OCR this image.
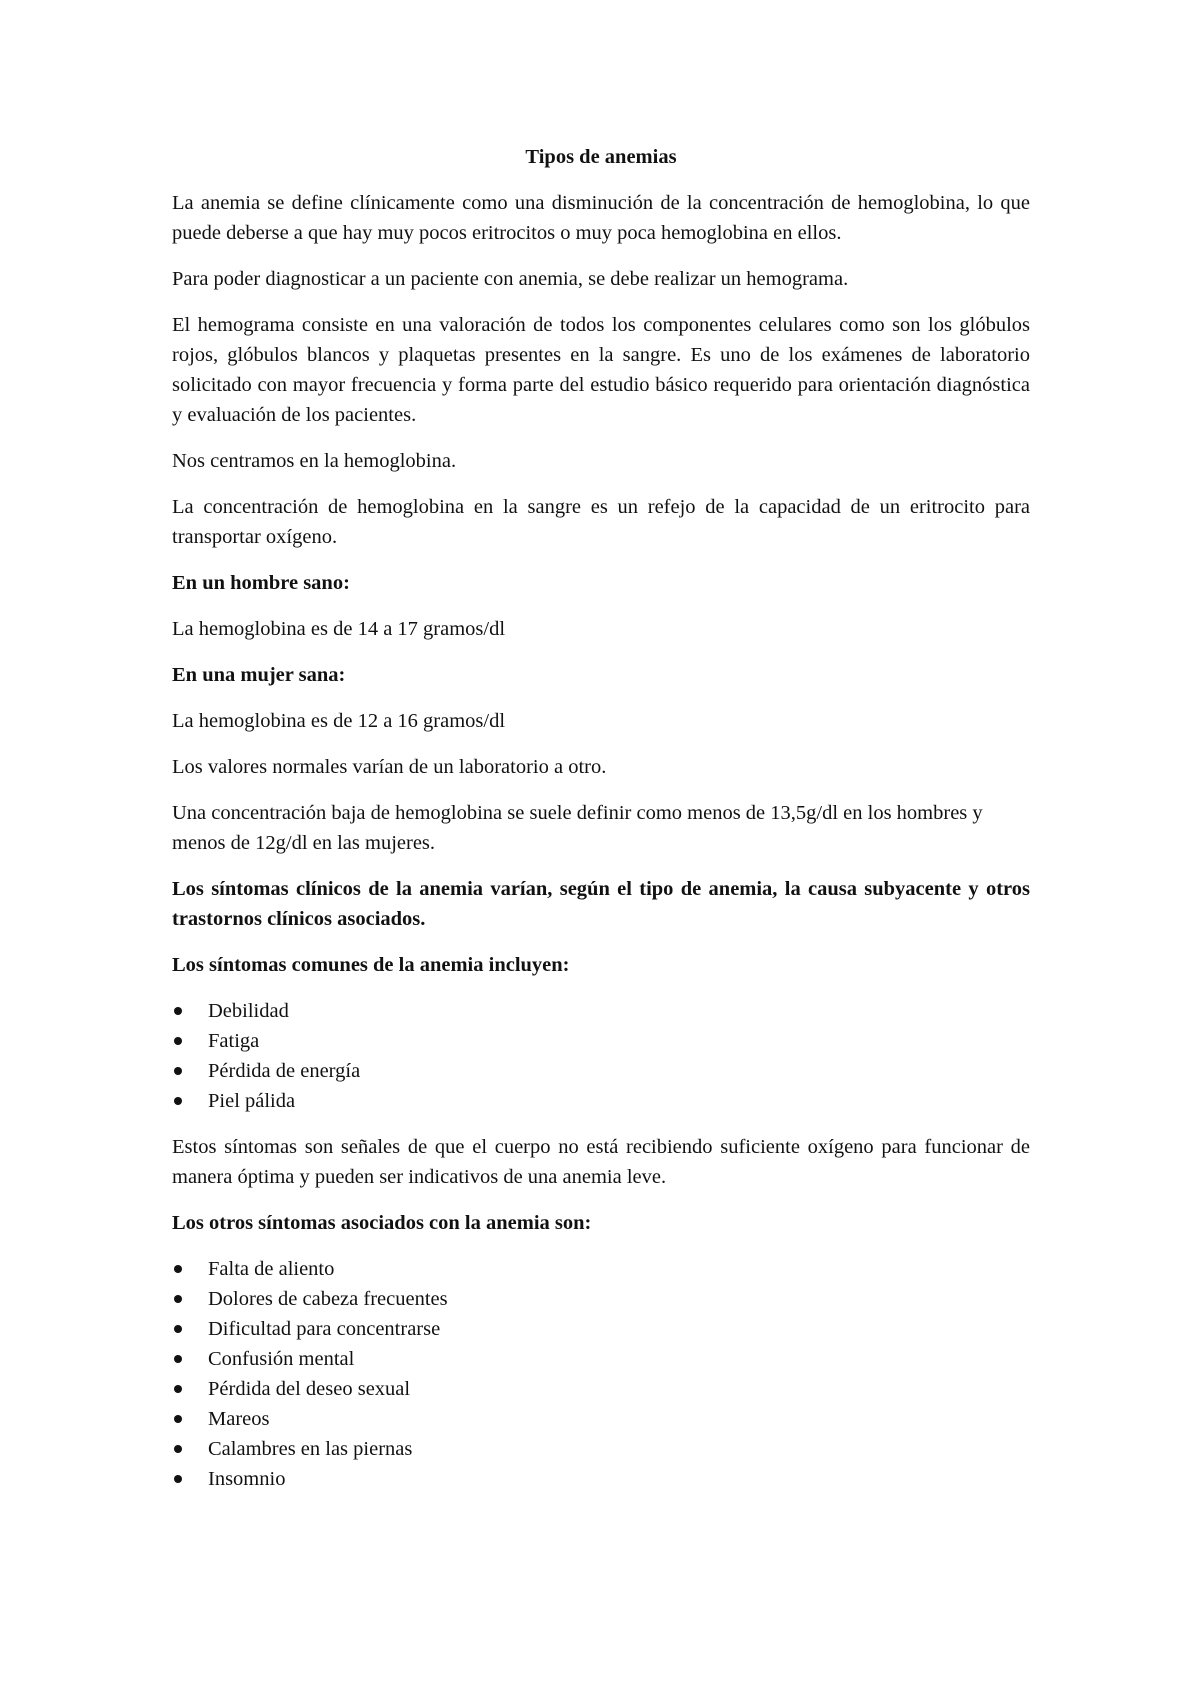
Tipos de anemias

La anemia se define clínicamente como una disminución de la concentración de hemoglobina, lo que puede deberse a que hay muy pocos eritrocitos o muy poca hemoglobina en ellos.

Para poder diagnosticar a un paciente con anemia, se debe realizar un hemograma.

El hemograma consiste en una valoración de todos los componentes celulares como son los glóbulos rojos, glóbulos blancos y plaquetas presentes en la sangre. Es uno de los exámenes de laboratorio solicitado con mayor frecuencia y forma parte del estudio básico requerido para orientación diagnóstica y evaluación de los pacientes.

Nos centramos en la hemoglobina.

La concentración de hemoglobina en la sangre es un refejo de la capacidad de un eritrocito para transportar oxígeno.

En un hombre sano:

La hemoglobina es de 14 a 17 gramos/dl

En una mujer sana:

La hemoglobina es de 12 a 16 gramos/dl

Los valores normales varían de un laboratorio a otro.

Una concentración baja de hemoglobina se suele definir como menos de 13,5g/dl en los hombres y menos de 12g/dl en las mujeres.

Los síntomas clínicos de la anemia varían, según el tipo de anemia, la causa subyacente y otros trastornos clínicos asociados.

Los síntomas comunes de la anemia incluyen:

Debilidad
Fatiga
Pérdida de energía
Piel pálida

Estos síntomas son señales de que el cuerpo no está recibiendo suficiente oxígeno para funcionar de manera óptima y pueden ser indicativos de una anemia leve.

Los otros síntomas asociados con la anemia son:

Falta de aliento
Dolores de cabeza frecuentes
Dificultad para concentrarse
Confusión mental
Pérdida del deseo sexual
Mareos
Calambres en las piernas
Insomnio
